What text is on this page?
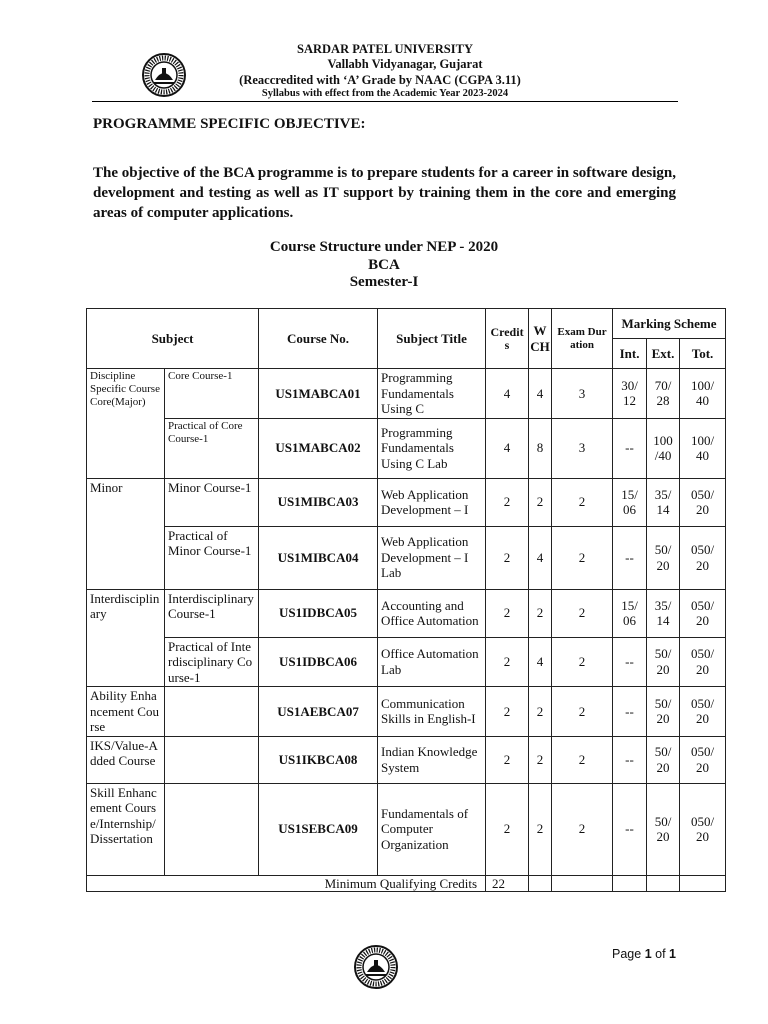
SARDAR PATEL UNIVERSITY
Vallabh Vidyanagar, Gujarat
(Reaccredited with ‘A’ Grade by NAAC (CGPA 3.11)
Syllabus with effect from the Academic Year 2023-2024
PROGRAMME SPECIFIC OBJECTIVE:
The objective of the BCA programme is to prepare students for a career in software design, development and testing as well as IT support by training them in the core and emerging areas of computer applications.
Course Structure under NEP - 2020
BCA
Semester-I
Subject		Course No.	Subject Title	Credits	WCH	Exam Duration	Marking Scheme		
							Int.	Ext.	Tot.
Discipline Specific Course Core(Major)	Core Course-1	US1MABCA01	Programming Fundamentals Using C	4	4	3	30/ 12	70/ 28	100/ 40
	Practical of Core Course-1	US1MABCA02	Programming Fundamentals Using C Lab	4	8	3	--	100 /40	100/ 40
Minor	Minor Course-1	US1MIBCA03	Web Application Development – I	2	2	2	15/ 06	35/ 14	050/ 20
	Practical of Minor Course-1	US1MIBCA04	Web Application Development – I Lab	2	4	2	--	50/ 20	050/ 20
Interdisciplinary	Interdisciplinary Course-1	US1IDBCA05	Accounting and Office Automation	2	2	2	15/ 06	35/ 14	050/ 20
	Practical of Interdisciplinary Course-1	US1IDBCA06	Office Automation Lab	2	4	2	--	50/ 20	050/ 20
Ability Enhancement Course		US1AEBCA07	Communication Skills in English-I	2	2	2	--	50/ 20	050/ 20
IKS/Value-Added Course		US1IKBCA08	Indian Knowledge System	2	2	2	--	50/ 20	050/ 20
Skill Enhancement Course/Internship/Dissertation		US1SEBCA09	Fundamentals of Computer Organization	2	2	2	--	50/ 20	050/ 20
Minimum Qualifying Credits				22					
Page 1 of 1
